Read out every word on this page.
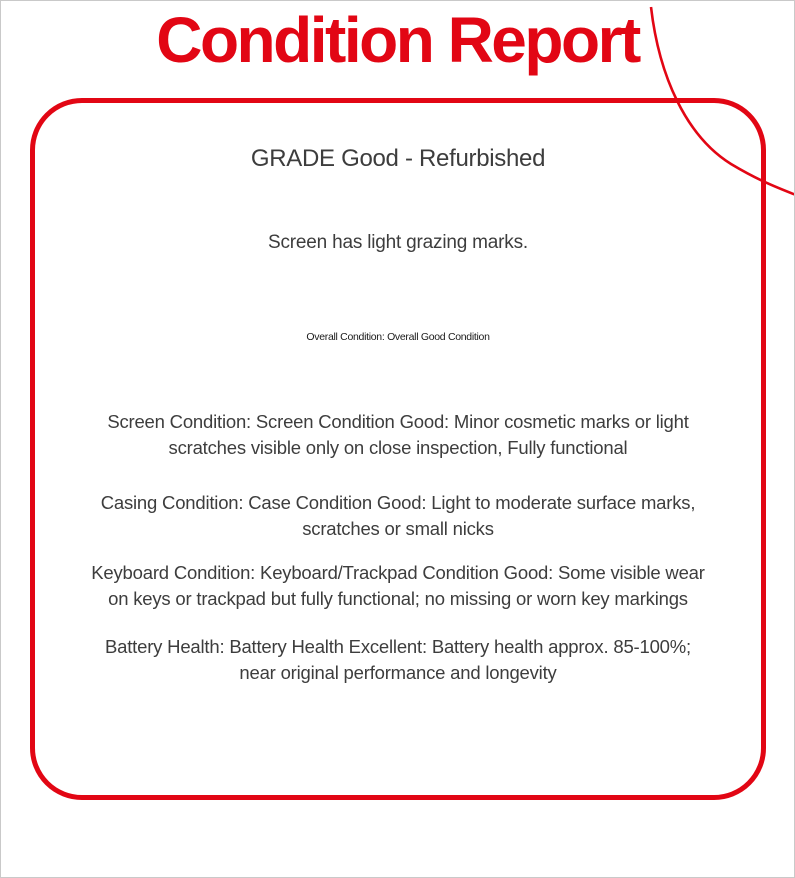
Condition Report
GRADE Good - Refurbished

Screen has light grazing marks.

Overall Condition: Overall Good Condition

Screen Condition: Screen Condition Good: Minor cosmetic marks or light
scratches visible only on close inspection, Fully functional

Casing Condition: Case Condition Good: Light to moderate surface marks,
scratches or small nicks

Keyboard Condition: Keyboard/Trackpad Condition Good: Some visible wear
on keys or trackpad but fully functional; no missing or worn key markings

Battery Health: Battery Health Excellent: Battery health approx. 85-100%;
near original performance and longevity
